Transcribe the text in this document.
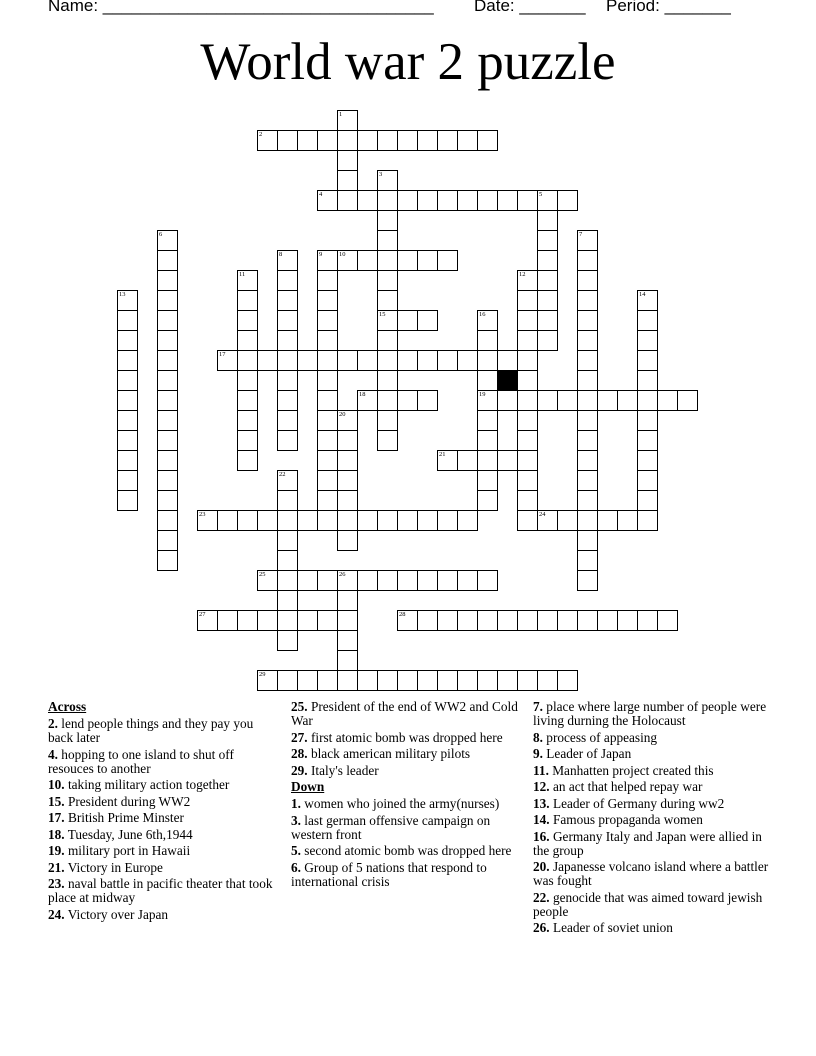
Name: ___________________________________ Date: _______ Period: _______
World war 2 puzzle
1
2
3
15
4	5
6	7
8	9	10
11	12
13	14
16
19
17
18
20
21
22
23	24
25	26
27	28
29
Across
2. lend people things and they pay you back later
4. hopping to one island to shut off resouces to another
10. taking military action together
15. President during WW2
17. British Prime Minster
18. Tuesday, June 6th,1944
19. military port in Hawaii
21. Victory in Europe
23. naval battle in pacific theater that took place at midway
24. Victory over Japan
25. President of the end of WW2 and Cold War
27. first atomic bomb was dropped here
28. black american military pilots
29. Italy's leader
Down
1. women who joined the army(nurses)
3. last german offensive campaign on western front
5. second atomic bomb was dropped here
6. Group of 5 nations that respond to international crisis
7. place where large number of people were living durning the Holocaust
8. process of appeasing
9. Leader of Japan
11. Manhatten project created this
12. an act that helped repay war
13. Leader of Germany during ww2
14. Famous propaganda women
16. Germany Italy and Japan were allied in the group
20. Japanesse volcano island where a battler was fought
22. genocide that was aimed toward jewish people
26. Leader of soviet union
